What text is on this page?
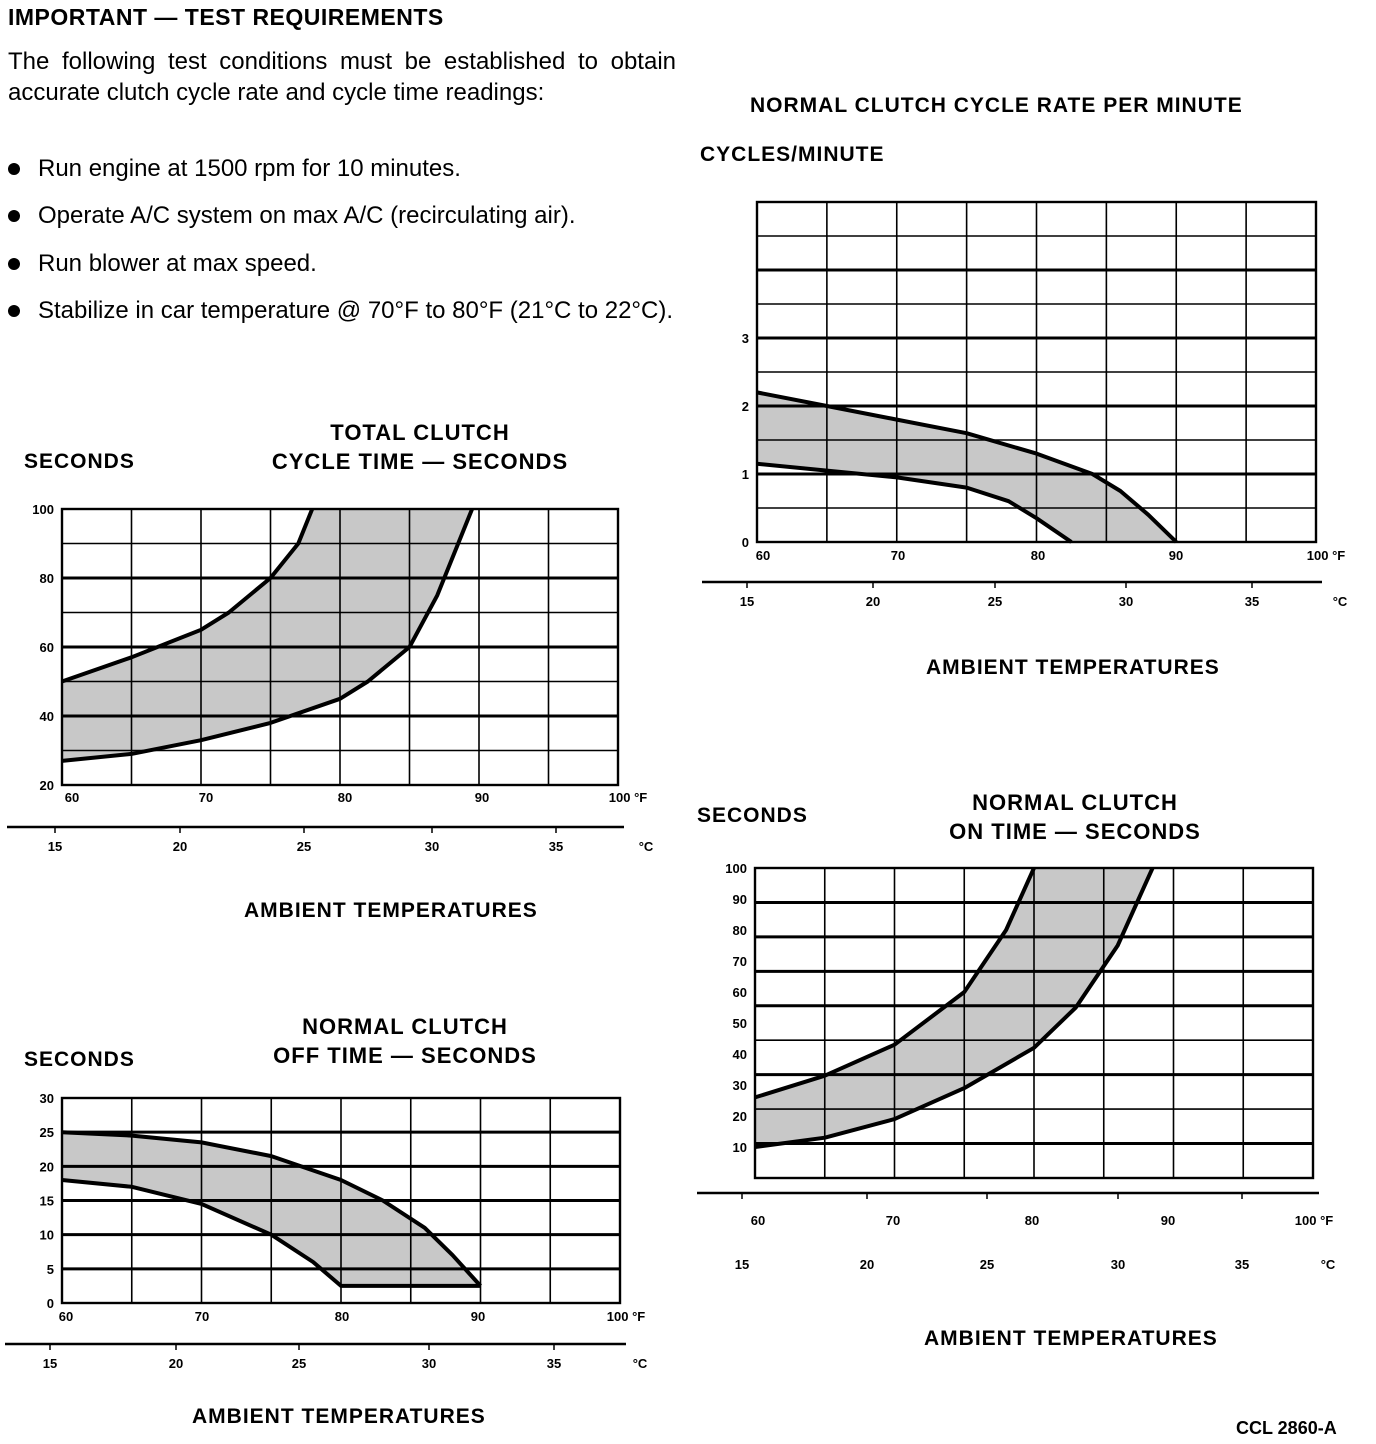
IMPORTANT — TEST REQUIREMENTS
The following test conditions must be established to obtain accurate clutch cycle rate and cycle time readings:
Run engine at 1500 rpm for 10 minutes.
Operate A/C system on max A/C (recirculating air).
Run blower at max speed.
Stabilize in car temperature @ 70°F to 80°F (21°C to 22°C).
SECONDS
TOTAL CLUTCH
CYCLE TIME — SECONDS
20
40
60
80
100
60	70	80	90	100 °F
15	20	25	30	35	°C
AMBIENT TEMPERATURES
SECONDS
NORMAL CLUTCH
OFF TIME — SECONDS
0
5
10
15
20
25
30
60	70	80	90	100 °F
15	20	25	30	35	°C
AMBIENT TEMPERATURES
NORMAL CLUTCH CYCLE RATE PER MINUTE
CYCLES/MINUTE
0
1
2
3
60	70	80	90	100 °F
15	20	25	30	35	°C
AMBIENT TEMPERATURES
SECONDS
NORMAL CLUTCH
ON TIME — SECONDS
10
20
30
40
50
60
70
80
90
100
60	70	80	90	100 °F
15	20	25	30	35	°C
AMBIENT TEMPERATURES
CCL 2860-A
